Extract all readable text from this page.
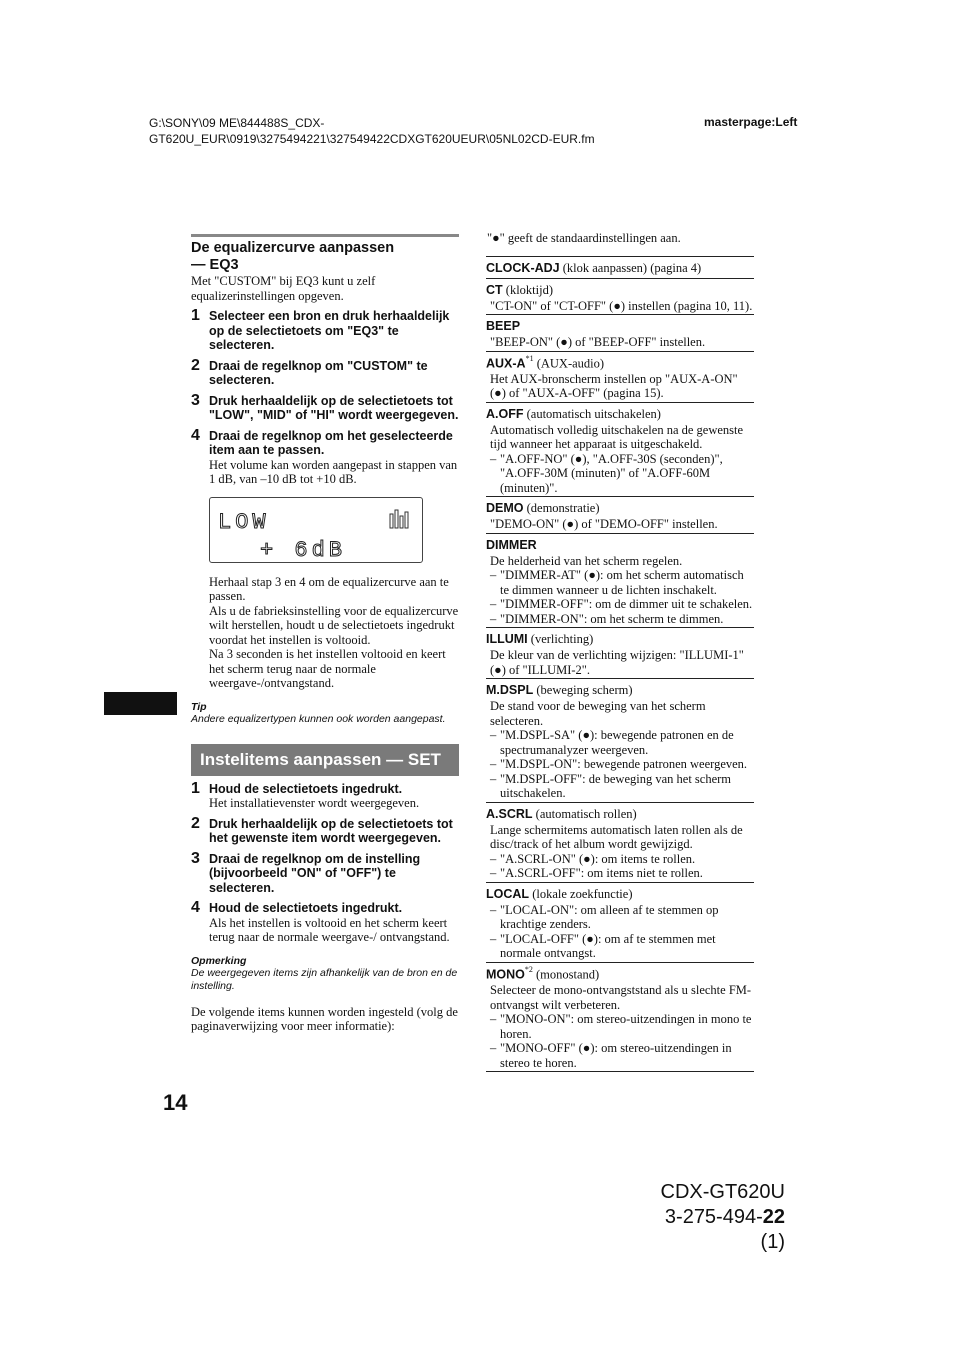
G:\SONY\09 ME\844488S_CDX-
GT620U_EUR\0919\3275494221\327549422CDXGT620UEUR\05NL02CD-EUR.fm
masterpage:Left
De equalizercurve aanpassen
— EQ3
Met "CUSTOM" bij EQ3 kunt u zelf equalizerinstellingen opgeven.
1 Selecteer een bron en druk herhaaldelijk op de selectietoets om "EQ3" te selecteren.
2 Draai de regelknop om "CUSTOM" te selecteren.
3 Druk herhaaldelijk op de selectietoets tot "LOW", "MID" of "HI" wordt weergegeven.
4 Draai de regelknop om het geselecteerde item aan te passen.
Het volume kan worden aangepast in stappen van 1 dB, van –10 dB tot +10 dB.
LOW
+ 6dB
Herhaal stap 3 en 4 om de equalizercurve aan te passen.
Als u de fabrieksinstelling voor de equalizercurve wilt herstellen, houdt u de selectietoets ingedrukt voordat het instellen is voltooid.
Na 3 seconden is het instellen voltooid en keert het scherm terug naar de normale weergave-/ontvangstand.
Tip
Andere equalizertypen kunnen ook worden aangepast.
Instelitems aanpassen — SET
1 Houd de selectietoets ingedrukt.
Het installatievenster wordt weergegeven.
2 Druk herhaaldelijk op de selectietoets tot het gewenste item wordt weergegeven.
3 Draai de regelknop om de instelling (bijvoorbeeld "ON" of "OFF") te selecteren.
4 Houd de selectietoets ingedrukt.
Als het instellen is voltooid en het scherm keert terug naar de normale weergave-/ ontvangstand.
Opmerking
De weergegeven items zijn afhankelijk van de bron en de instelling.
De volgende items kunnen worden ingesteld (volg de paginaverwijzing voor meer informatie):
14
"●" geeft de standaardinstellingen aan.
CLOCK-ADJ (klok aanpassen) (pagina 4)
CT (kloktijd)
"CT-ON" of "CT-OFF" (●) instellen (pagina 10, 11).
BEEP
"BEEP-ON" (●) of "BEEP-OFF" instellen.
AUX-$A^{*1}$ (AUX-audio)
Het AUX-bronscherm instellen op "AUX-A-ON" (●) of "AUX-A-OFF" (pagina 15).
A.OFF (automatisch uitschakelen)
Automatisch volledig uitschakelen na de gewenste tijd wanneer het apparaat is uitgeschakeld.
– "A.OFF-NO" (●), "A.OFF-30S (seconden)", "A.OFF-30M (minuten)" of "A.OFF-60M (minuten)".
DEMO (demonstratie)
"DEMO-ON" (●) of "DEMO-OFF" instellen.
DIMMER
De helderheid van het scherm regelen.
– "DIMMER-AT" (●): om het scherm automatisch te dimmen wanneer u de lichten inschakelt.
– "DIMMER-OFF": om de dimmer uit te schakelen.
– "DIMMER-ON": om het scherm te dimmen.
ILLUMI (verlichting)
De kleur van de verlichting wijzigen: "ILLUMI-1" (●) of "ILLUMI-2".
M.DSPL (beweging scherm)
De stand voor de beweging van het scherm selecteren.
– "M.DSPL-SA" (●): bewegende patronen en de spectrumanalyzer weergeven.
– "M.DSPL-ON": bewegende patronen weergeven.
– "M.DSPL-OFF": de beweging van het scherm uitschakelen.
A.SCRL (automatisch rollen)
Lange schermitems automatisch laten rollen als de disc/track of het album wordt gewijzigd.
– "A.SCRL-ON" (●): om items te rollen.
– "A.SCRL-OFF": om items niet te rollen.
LOCAL (lokale zoekfunctie)
– "LOCAL-ON": om alleen af te stemmen op krachtige zenders.
– "LOCAL-OFF" (●): om af te stemmen met normale ontvangst.
MONO$^{*2}$ (monostand)
Selecteer de mono-ontvangststand als u slechte FM-ontvangst wilt verbeteren.
– "MONO-ON": om stereo-uitzendingen in mono te horen.
– "MONO-OFF" (●): om stereo-uitzendingen in stereo te horen.
CDX-GT620U
3-275-494-22 (1)
